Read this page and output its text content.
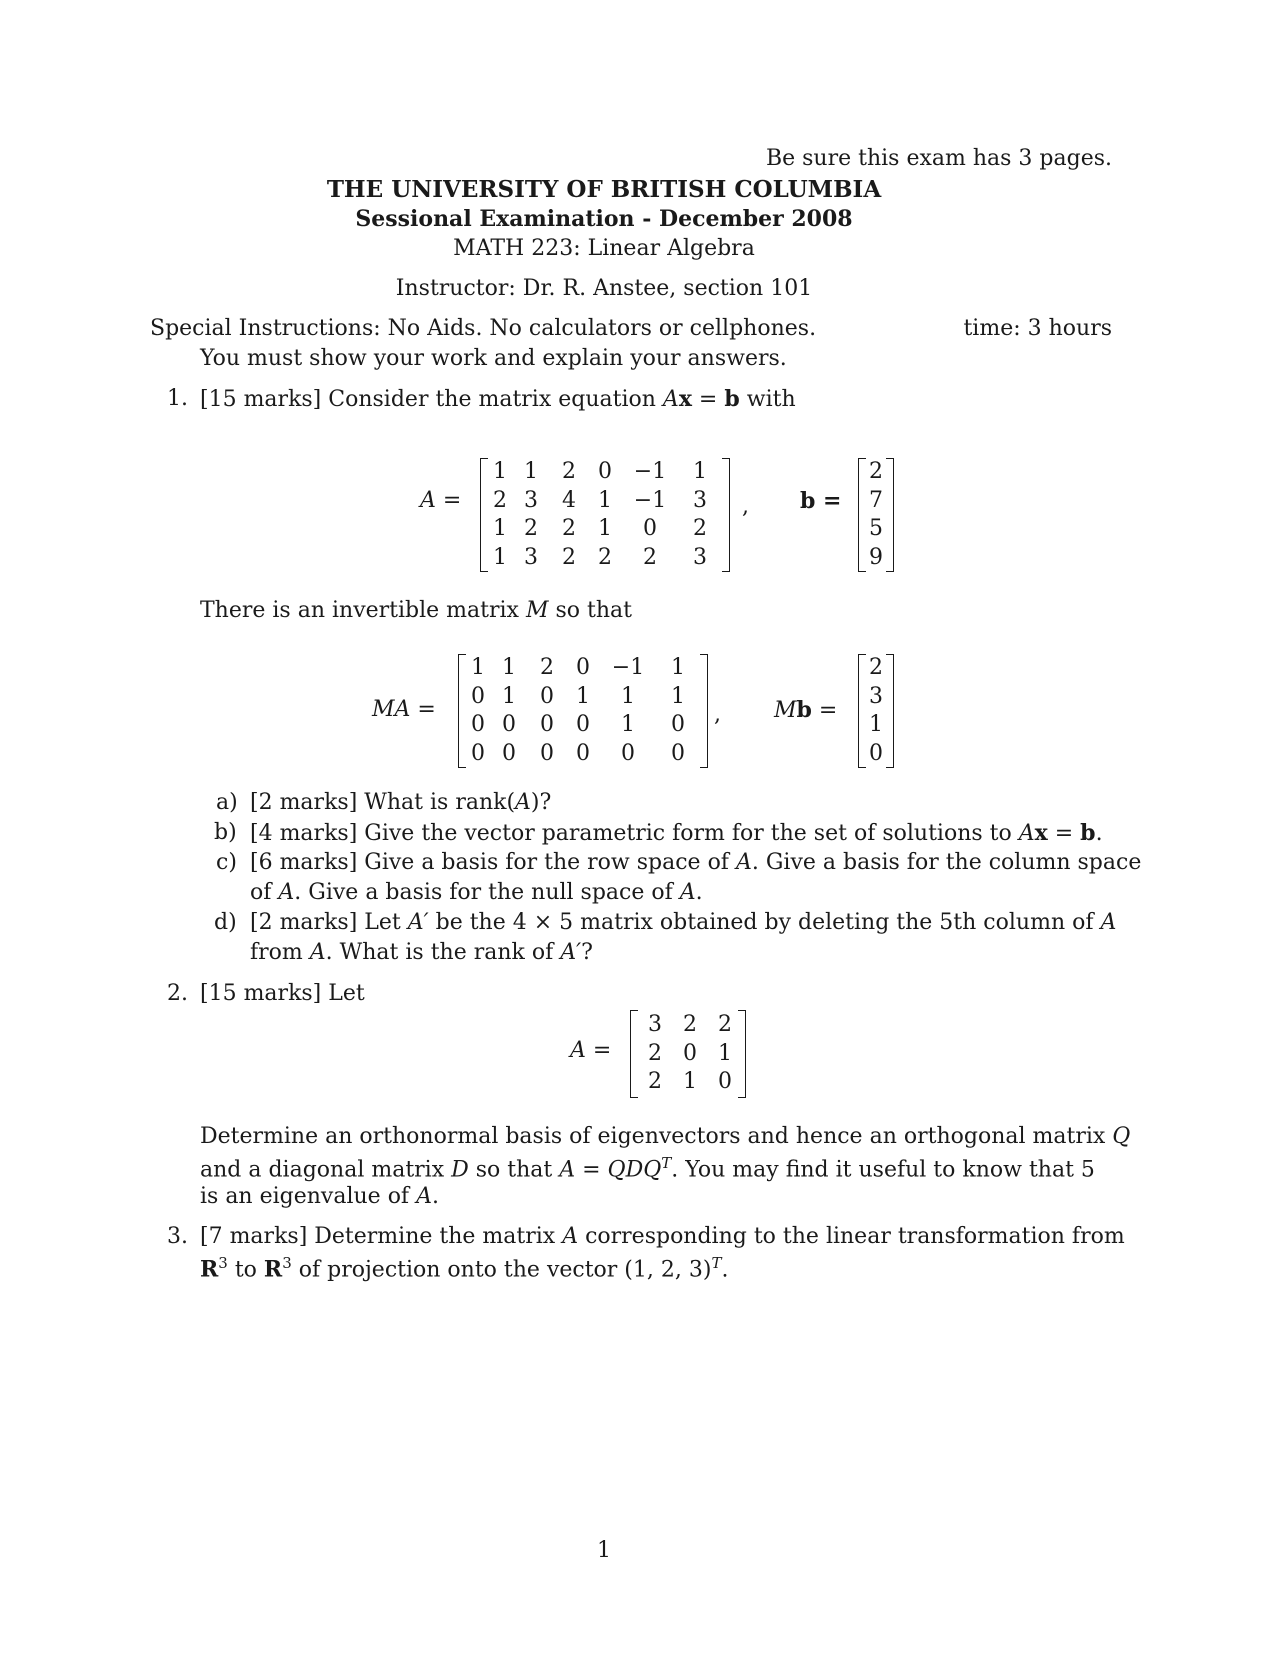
Be sure this exam has 3 pages.
THE UNIVERSITY OF BRITISH COLUMBIA
Sessional Examination - December 2008
MATH 223: Linear Algebra
Instructor: Dr. R. Anstee, section 101
Special Instructions: No Aids. No calculators or cellphones.	time: 3 hours
You must show your work and explain your answers.
1. [15 marks] Consider the matrix equation Ax = b with
A =
1	1	2	0	−1	1
2	3	4	1	−1	3
1	2	2	1	0	2
1	3	2	2	2	3
, b =
2
7
5
9
There is an invertible matrix M so that
MA =
1	1	2	0	−1	1
0	1	0	1	1	1
0	0	0	0	1	0
0	0	0	0	0	0
, Mb =
2
3
1
0
a) [2 marks] What is rank(A)?
b) [4 marks] Give the vector parametric form for the set of solutions to Ax = b.
c) [6 marks] Give a basis for the row space of A. Give a basis for the column space
of A. Give a basis for the null space of A.
d) [2 marks] Let A′ be the 4 × 5 matrix obtained by deleting the 5th column of A
from A. What is the rank of A′?
2. [15 marks] Let
A =
3	2	2
2	0	1
2	1	0
Determine an orthonormal basis of eigenvectors and hence an orthogonal matrix Q
and a diagonal matrix D so that $A = QDQ^T$. You may find it useful to know that 5
is an eigenvalue of A.
3. [7 marks] Determine the matrix A corresponding to the linear transformation from
$R^3$ to $R^3$ of projection onto the vector (1, 2, 3)$^T$.
1
